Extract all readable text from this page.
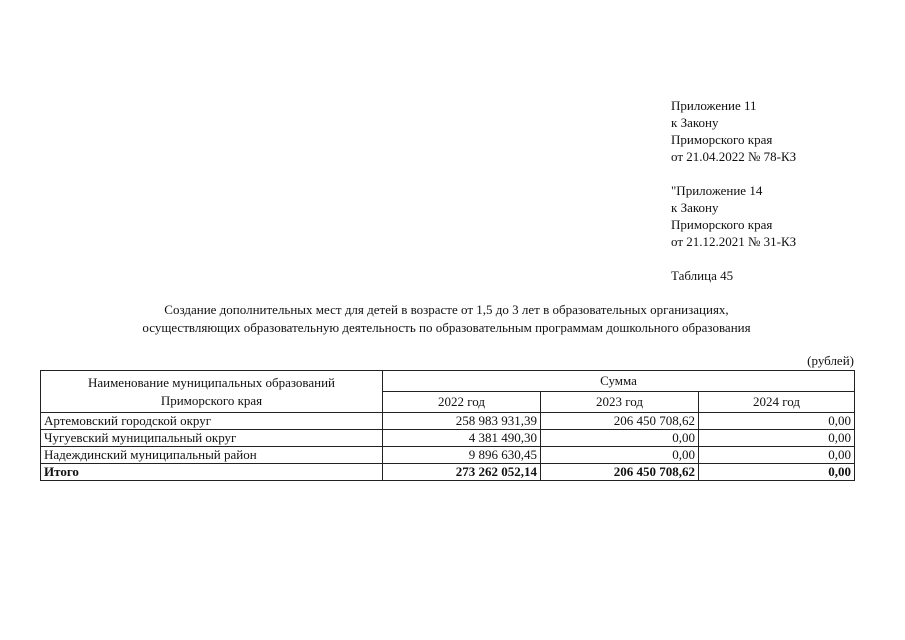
Приложение 11
к Закону
Приморского края
от 21.04.2022 № 78-КЗ
"Приложение 14
к Закону
Приморского края
от 21.12.2021 № 31-КЗ
Таблица 45
Создание дополнительных мест для детей в возрасте от 1,5 до 3 лет в образовательных организациях,
осуществляющих образовательную деятельность по образовательным программам дошкольного образования
(рублей)
Наименование муниципальных образований
Приморского края	Сумма		
	2022 год	2023 год	2024 год
Артемовский городской округ	258 983 931,39	206 450 708,62	0,00
Чугуевский муниципальный округ	4 381 490,30	0,00	0,00
Надеждинский муниципальный район	9 896 630,45	0,00	0,00
Итого	273 262 052,14	206 450 708,62	0,00
